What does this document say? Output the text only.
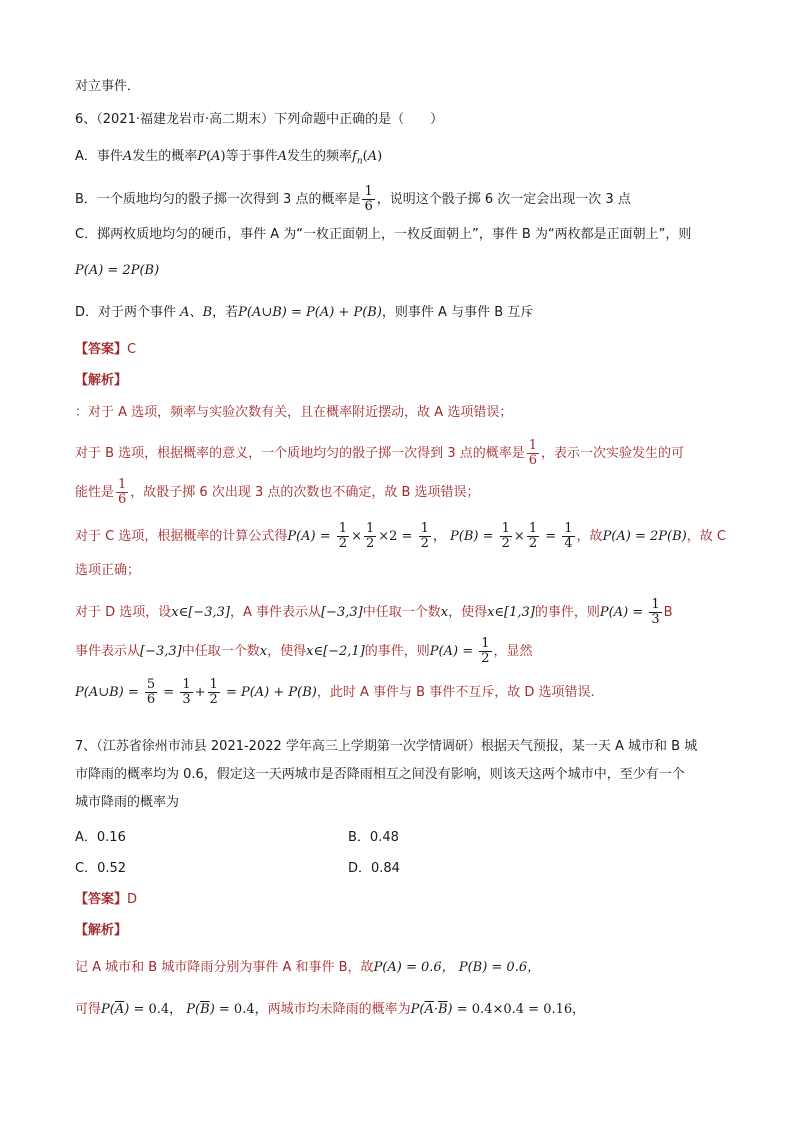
对立事件．
6、（2021·福建龙岩市·高二期末）下列命题中正确的是（　　）
A．事件A发生的概率P(A)等于事件A发生的频率$f_n(A)$
B．一个质地均匀的骰子掷一次得到 3 点的概率是 $\frac{1}{6}$ ，说明这个骰子掷 6 次一定会出现一次 3 点
C．掷两枚质地均匀的硬币，事件 A 为“一枚正面朝上，一枚反面朝上”，事件 B 为“两枚都是正面朝上”，则
P(A) = 2P(B)
D．对于两个事件 A、B，若P(A∪B) = P(A) + P(B)，则事件 A 与事件 B 互斥
【答案】C
【解析】
：对于 A 选项，频率与实验次数有关，且在概率附近摆动，故 A 选项错误；
对于 B 选项，根据概率的意义，一个质地均匀的骰子掷一次得到 3 点的概率是 $\frac{1}{6}$ ，表示一次实验发生的可
能性是 $\frac{1}{6}$ ，故骰子掷 6 次出现 3 点的次数也不确定，故 B 选项错误；
对于 C 选项，根据概率的计算公式得$P(A) = \frac{1}{2} \times \frac{1}{2} \times 2 = \frac{1}{2}$ ， $P(B) = \frac{1}{2} \times \frac{1}{2} = \frac{1}{4}$ ，故P(A) = 2P(B)，故 C
选项正确；
对于 D 选项，设x∈[−3,3]，A 事件表示从[−3,3]中任取一个数x，使得x∈[1,3]的事件，则$P(A) = \frac{1}{3}$ B
事件表示从[−3,3]中任取一个数x，使得x∈[−2,1]的事件，则$P(A) = \frac{1}{2}$ ，显然
P(A∪B) = $\frac{5}{6} = \frac{1}{3} + \frac{1}{2} = P(A) + P(B)$，此时 A 事件与 B 事件不互斥，故 D 选项错误.
7、（江苏省徐州市沛县 2021-2022 学年高三上学期第一次学情调研）根据天气预报，某一天 A 城市和 B 城
市降雨的概率均为 0.6，假定这一天两城市是否降雨相互之间没有影响，则该天这两个城市中，至少有一个
城市降雨的概率为
A．0.16	B．0.48
C．0.52	D．0.84
【答案】D
【解析】
记 A 城市和 B 城市降雨分别为事件 A 和事件 B，故P(A) = 0.6， P(B) = 0.6，
可得$P(\overline{A}) = 0.4$， $P(\overline{B}) = 0.4$，两城市均未降雨的概率为$P(\overline{A}\cdot\overline{B}) = 0.4\times 0.4 = 0.16$，
